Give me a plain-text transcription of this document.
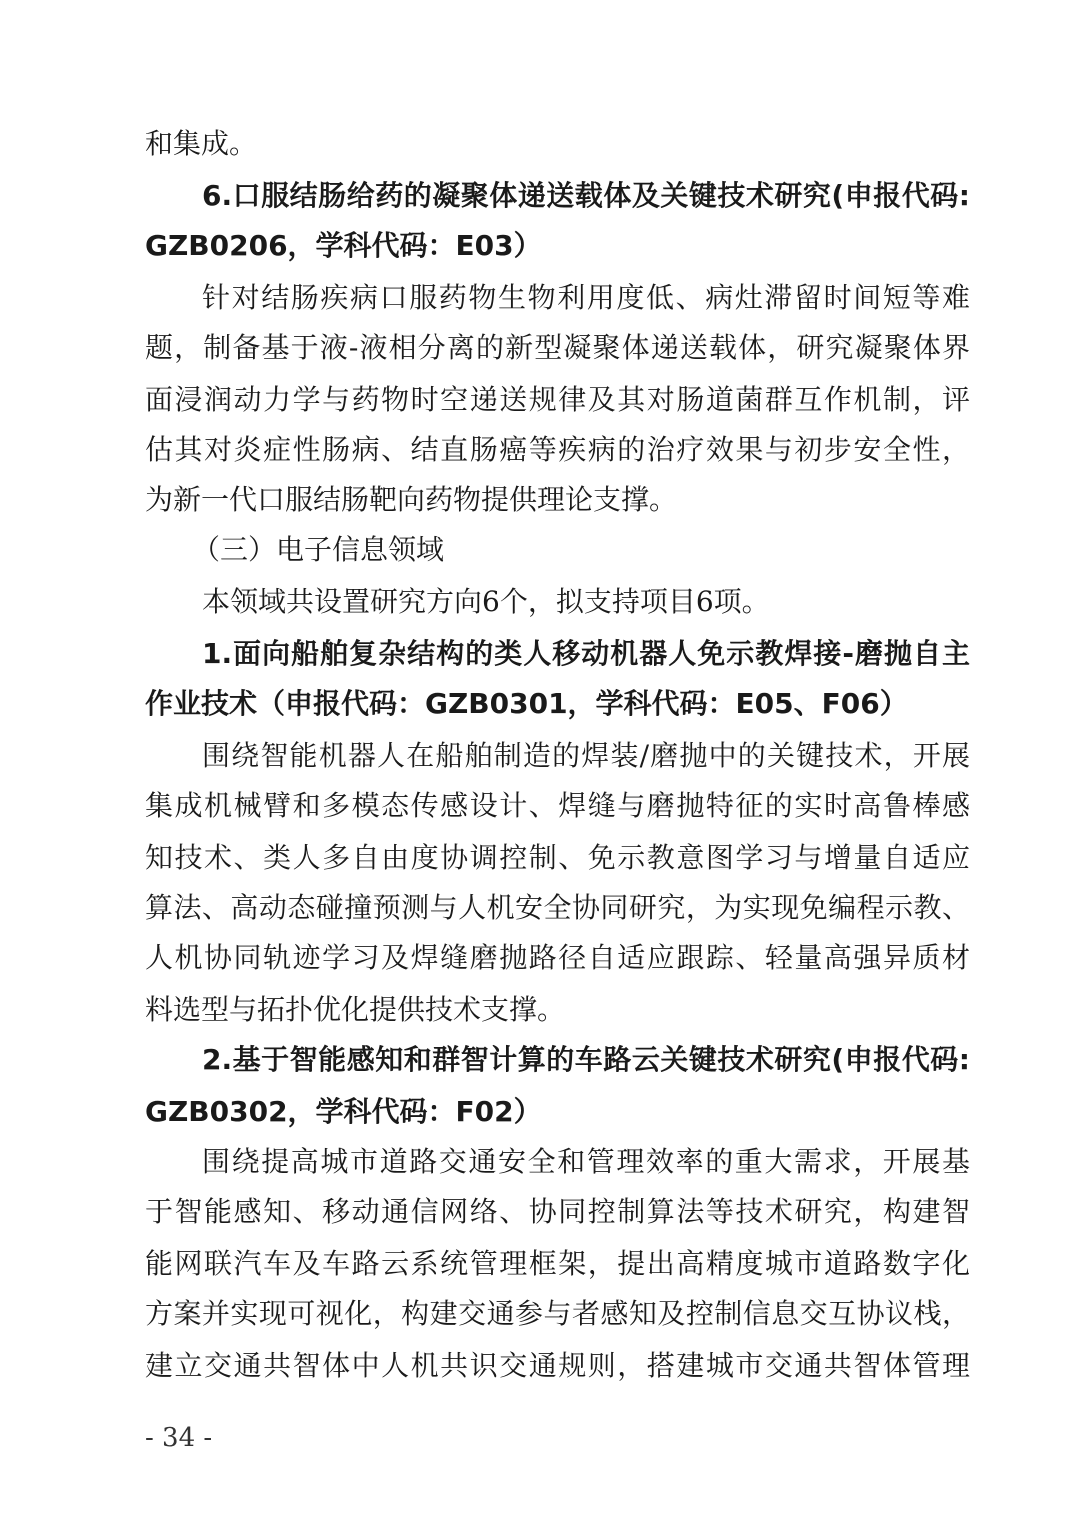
和集成。
6.口服结肠给药的凝聚体递送载体及关键技术研究(申报代码:
GZB0206，学科代码：E03）
针对结肠疾病口服药物生物利用度低、病灶滞留时间短等难
题，制备基于液-液相分离的新型凝聚体递送载体，研究凝聚体界
面浸润动力学与药物时空递送规律及其对肠道菌群互作机制，评
估其对炎症性肠病、结直肠癌等疾病的治疗效果与初步安全性，
为新一代口服结肠靶向药物提供理论支撑。
（三）电子信息领域
本领域共设置研究方向6个，拟支持项目6项。
1.面向船舶复杂结构的类人移动机器人免示教焊接-磨抛自主
作业技术（申报代码：GZB0301，学科代码：E05、F06）
围绕智能机器人在船舶制造的焊装/磨抛中的关键技术，开展
集成机械臂和多模态传感设计、焊缝与磨抛特征的实时高鲁棒感
知技术、类人多自由度协调控制、免示教意图学习与增量自适应
算法、高动态碰撞预测与人机安全协同研究，为实现免编程示教、
人机协同轨迹学习及焊缝磨抛路径自适应跟踪、轻量高强异质材
料选型与拓扑优化提供技术支撑。
2.基于智能感知和群智计算的车路云关键技术研究(申报代码:
GZB0302，学科代码：F02）
围绕提高城市道路交通安全和管理效率的重大需求，开展基
于智能感知、移动通信网络、协同控制算法等技术研究，构建智
能网联汽车及车路云系统管理框架，提出高精度城市道路数字化
方案并实现可视化，构建交通参与者感知及控制信息交互协议栈，
建立交通共智体中人机共识交通规则，搭建城市交通共智体管理
- 34 -
